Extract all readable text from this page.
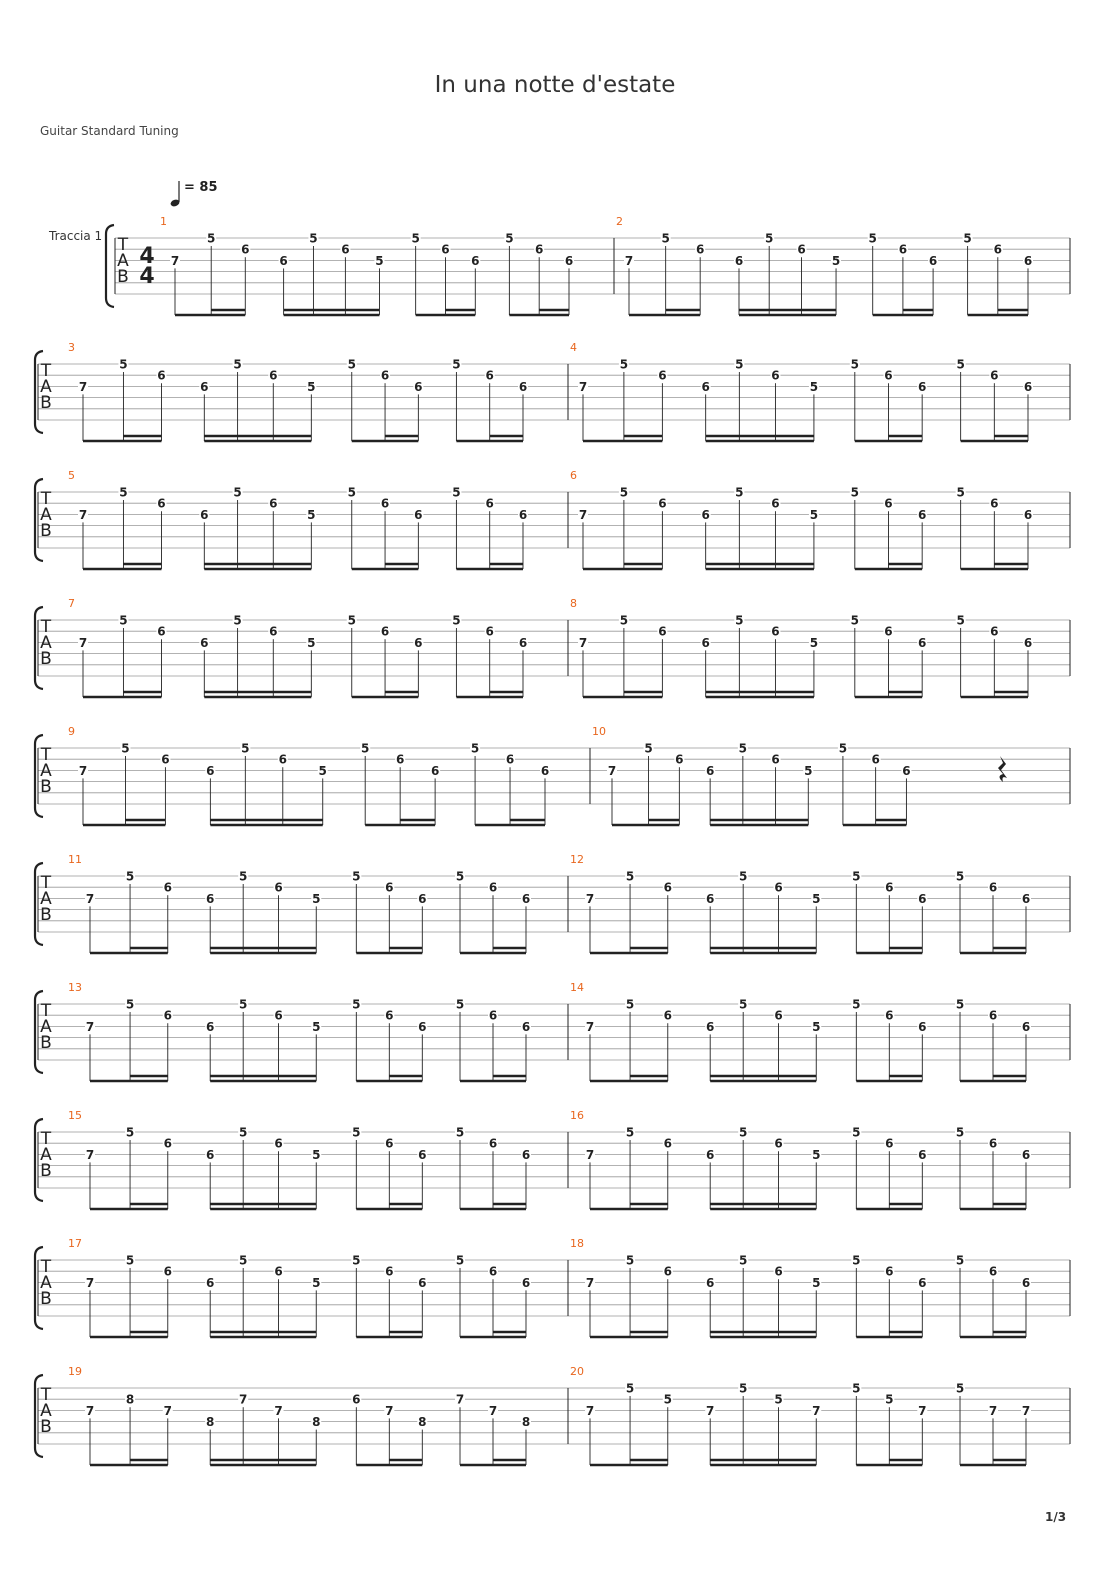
In una notte d'estate
Guitar Standard Tuning
= 85
Traccia 1 T
A
B
4
4
1
7
5
6
6
5
6
5
5
6
6
5
6
6
2
7
5
6
6
5
6
5
5
6
6
5
6
6
T
A
B
3
7
5
6
6
5
6
5
5
6
6
5
6
6
4
7
5
6
6
5
6
5
5
6
6
5
6
6
T
A
B
5
7
5
6
6
5
6
5
5
6
6
5
6
6
6
7
5
6
6
5
6
5
5
6
6
5
6
6
T
A
B
7
7
5
6
6
5
6
5
5
6
6
5
6
6
8
7
5
6
6
5
6
5
5
6
6
5
6
6
T
A
B
9
7
5
6
6
5
6
5
5
6
6
5
6
6
10
7
5
6
6
5
6
5
5
6
6
T
A
B
11
7
5
6
6
5
6
5
5
6
6
5
6
6
12
7
5
6
6
5
6
5
5
6
6
5
6
6
T
A
B
13
7
5
6
6
5
6
5
5
6
6
5
6
6
14
7
5
6
6
5
6
5
5
6
6
5
6
6
T
A
B
15
7
5
6
6
5
6
5
5
6
6
5
6
6
16
7
5
6
6
5
6
5
5
6
6
5
6
6
T
A
B
17
7
5
6
6
5
6
5
5
6
6
5
6
6
18
7
5
6
6
5
6
5
5
6
6
5
6
6
T
A
B
19
7
8
7
8
7
7
8
6
7
8
7
7
8
20
7
5
5
7
5
5
7
5
5
7
5
7 7
1/3
